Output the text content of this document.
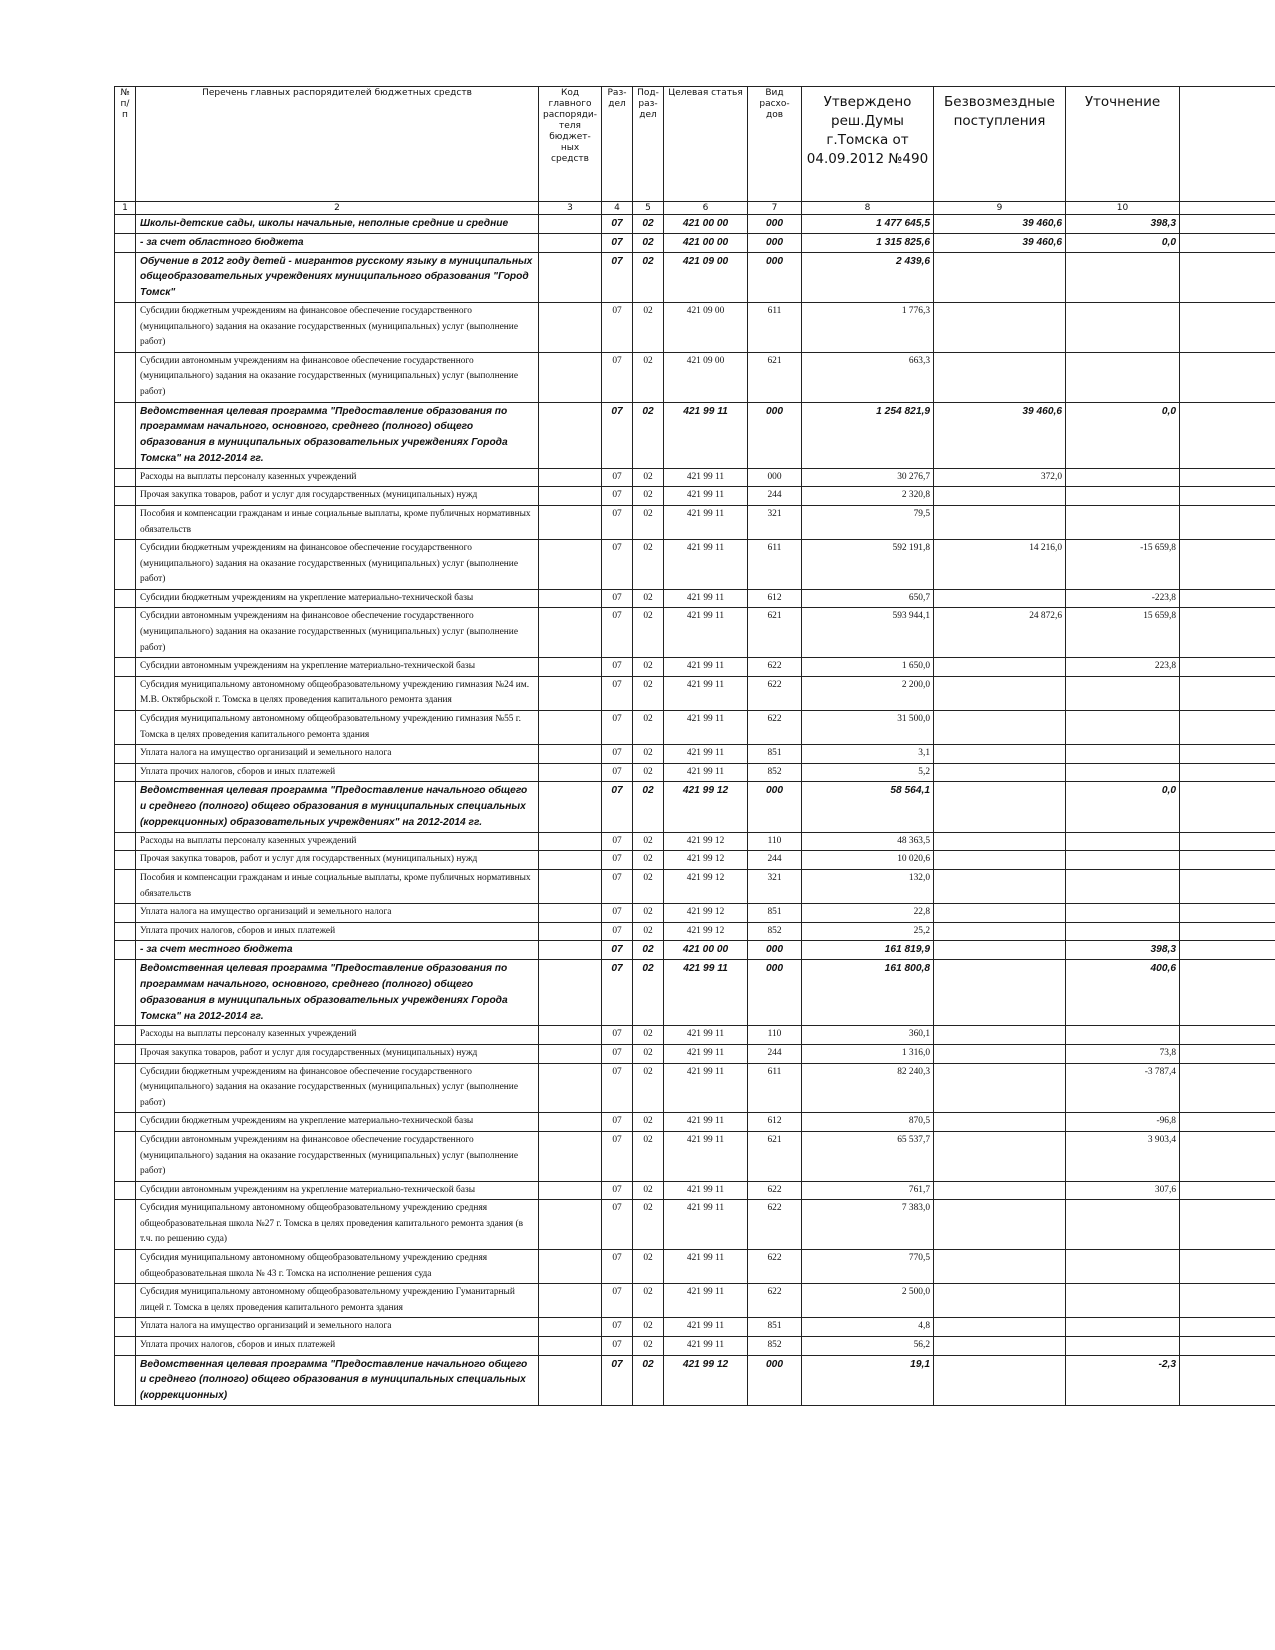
№ п/п	Перечень главных распорядителей бюджетных средств	Код главного распоряди-теля бюджет-ных средств	Раз-дел	Под-раз-дел	Целевая статья	Вид расхо-дов	Утверждено реш.Думы г.Томска от 04.09.2012 №490	Безвозмездные поступления	Уточнение	
1	2	3	4	5	6	7	8	9	10	
	Школы-детские сады, школы начальные, неполные средние и средние		07	02	421 00 00	000	1 477 645,5	39 460,6	398,3	
	- за счет областного бюджета		07	02	421 00 00	000	1 315 825,6	39 460,6	0,0	
	Обучение в 2012 году детей - мигрантов русскому языку в муниципальных общеобразовательных учреждениях муниципального образования "Город Томск"		07	02	421 09 00	000	2 439,6			
	Субсидии бюджетным учреждениям на финансовое обеспечение государственного (муниципального) задания на оказание государственных (муниципальных) услуг (выполнение работ)		07	02	421 09 00	611	1 776,3			
	Субсидии автономным учреждениям на финансовое обеспечение государственного (муниципального) задания на оказание государственных (муниципальных) услуг (выполнение работ)		07	02	421 09 00	621	663,3			
	Ведомственная целевая программа "Предоставление образования по программам начального, основного, среднего (полного) общего образования в муниципальных образовательных учреждениях Города Томска" на 2012-2014 гг.		07	02	421 99 11	000	1 254 821,9	39 460,6	0,0	
	Расходы на выплаты персоналу казенных учреждений		07	02	421 99 11	000	30 276,7	372,0		
	Прочая закупка товаров, работ и услуг для государственных (муниципальных) нужд		07	02	421 99 11	244	2 320,8			
	Пособия и компенсации гражданам и иные социальные выплаты, кроме публичных нормативных обязательств		07	02	421 99 11	321	79,5			
	Субсидии бюджетным учреждениям на финансовое обеспечение государственного (муниципального) задания на оказание государственных (муниципальных) услуг (выполнение работ)		07	02	421 99 11	611	592 191,8	14 216,0	-15 659,8	
	Субсидии бюджетным учреждениям на укрепление материально-технической базы		07	02	421 99 11	612	650,7		-223,8	
	Субсидии автономным учреждениям на финансовое обеспечение государственного (муниципального) задания на оказание государственных (муниципальных) услуг (выполнение работ)		07	02	421 99 11	621	593 944,1	24 872,6	15 659,8	
	Субсидии автономным учреждениям на укрепление материально-технической базы		07	02	421 99 11	622	1 650,0		223,8	
	Субсидия муниципальному автономному общеобразовательному учреждению гимназия №24 им. М.В. Октябрьской г. Томска в целях проведения капитального ремонта здания		07	02	421 99 11	622	2 200,0			
	Субсидия муниципальному автономному общеобразовательному учреждению гимназия №55 г. Томска в целях проведения капитального ремонта здания		07	02	421 99 11	622	31 500,0			
	Уплата налога на имущество организаций и земельного налога		07	02	421 99 11	851	3,1			
	Уплата прочих налогов, сборов и иных платежей		07	02	421 99 11	852	5,2			
	Ведомственная целевая программа "Предоставление начального общего и среднего (полного) общего образования в муниципальных специальных (коррекционных) образовательных учреждениях" на 2012-2014 гг.		07	02	421 99 12	000	58 564,1		0,0	
	Расходы на выплаты персоналу казенных учреждений		07	02	421 99 12	110	48 363,5			
	Прочая закупка товаров, работ и услуг для государственных (муниципальных) нужд		07	02	421 99 12	244	10 020,6			
	Пособия и компенсации гражданам и иные социальные выплаты, кроме публичных нормативных обязательств		07	02	421 99 12	321	132,0			
	Уплата налога на имущество организаций и земельного налога		07	02	421 99 12	851	22,8			
	Уплата прочих налогов, сборов и иных платежей		07	02	421 99 12	852	25,2			
	- за счет местного бюджета		07	02	421 00 00	000	161 819,9		398,3	
	Ведомственная целевая программа "Предоставление образования по программам начального, основного, среднего (полного) общего образования в муниципальных образовательных учреждениях Города Томска" на 2012-2014 гг.		07	02	421 99 11	000	161 800,8		400,6	
	Расходы на выплаты персоналу казенных учреждений		07	02	421 99 11	110	360,1			
	Прочая закупка товаров, работ и услуг для государственных (муниципальных) нужд		07	02	421 99 11	244	1 316,0		73,8	
	Субсидии бюджетным учреждениям на финансовое обеспечение государственного (муниципального) задания на оказание государственных (муниципальных) услуг (выполнение работ)		07	02	421 99 11	611	82 240,3		-3 787,4	
	Субсидии бюджетным учреждениям на укрепление материально-технической базы		07	02	421 99 11	612	870,5		-96,8	
	Субсидии автономным учреждениям на финансовое обеспечение государственного (муниципального) задания на оказание государственных (муниципальных) услуг (выполнение работ)		07	02	421 99 11	621	65 537,7		3 903,4	
	Субсидии автономным учреждениям на укрепление материально-технической базы		07	02	421 99 11	622	761,7		307,6	
	Субсидия муниципальному автономному общеобразовательному учреждению средняя общеобразовательная школа №27 г. Томска в целях проведения капитального ремонта здания (в т.ч. по решению суда)		07	02	421 99 11	622	7 383,0			
	Субсидия муниципальному автономному общеобразовательному учреждению средняя общеобразовательная школа № 43 г. Томска на исполнение решения суда		07	02	421 99 11	622	770,5			
	Субсидия муниципальному автономному общеобразовательному учреждению Гуманитарный лицей г. Томска в целях проведения капитального ремонта здания		07	02	421 99 11	622	2 500,0			
	Уплата налога на имущество организаций и земельного налога		07	02	421 99 11	851	4,8			
	Уплата прочих налогов, сборов и иных платежей		07	02	421 99 11	852	56,2			
	Ведомственная целевая программа "Предоставление начального общего и среднего (полного) общего образования в муниципальных специальных (коррекционных)		07	02	421 99 12	000	19,1		-2,3	
